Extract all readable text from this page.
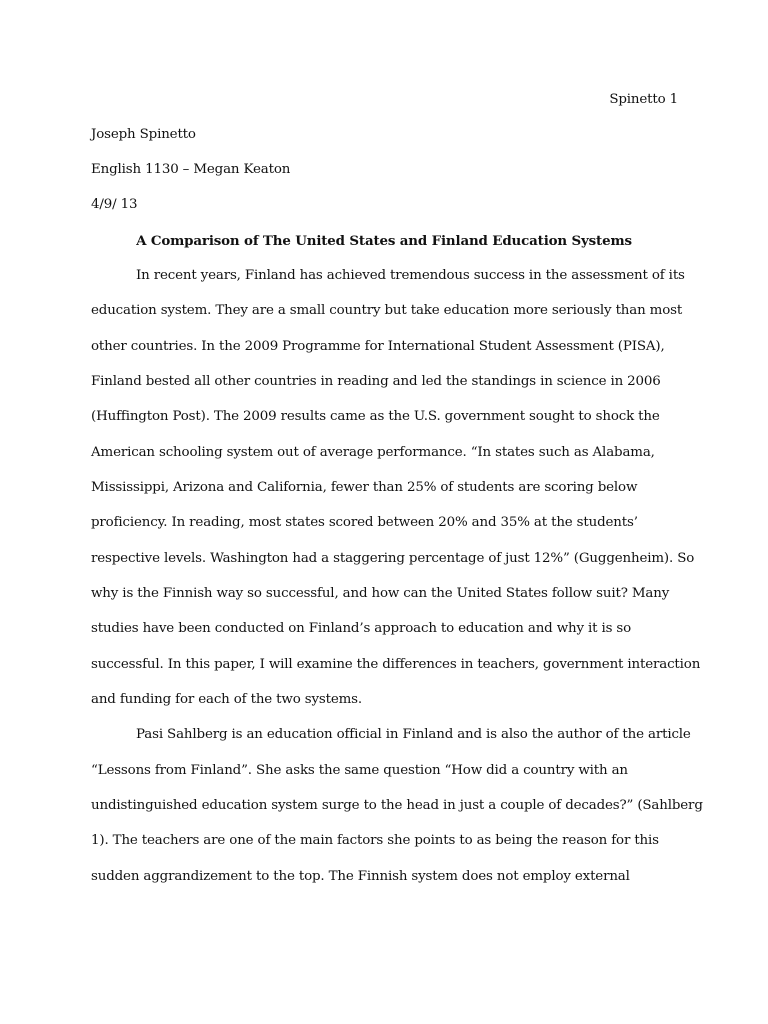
Spinetto 1
Joseph Spinetto
English 1130 – Megan Keaton
4/9/ 13
A Comparison of The United States and Finland Education Systems
In recent years, Finland has achieved tremendous success in the assessment of its
education system. They are a small country but take education more seriously than most
other countries. In the 2009 Programme for International Student Assessment (PISA),
Finland bested all other countries in reading and led the standings in science in 2006
(Huffington Post). The 2009 results came as the U.S. government sought to shock the
American schooling system out of average performance. “In states such as Alabama,
Mississippi, Arizona and California, fewer than 25% of students are scoring below
proficiency. In reading, most states scored between 20% and 35% at the students’
respective levels. Washington had a staggering percentage of just 12%” (Guggenheim). So
why is the Finnish way so successful, and how can the United States follow suit? Many
studies have been conducted on Finland’s approach to education and why it is so
successful. In this paper, I will examine the differences in teachers, government interaction
and funding for each of the two systems.
Pasi Sahlberg is an education official in Finland and is also the author of the article
“Lessons from Finland”. She asks the same question “How did a country with an
undistinguished education system surge to the head in just a couple of decades?” (Sahlberg
1). The teachers are one of the main factors she points to as being the reason for this
sudden aggrandizement to the top. The Finnish system does not employ external
